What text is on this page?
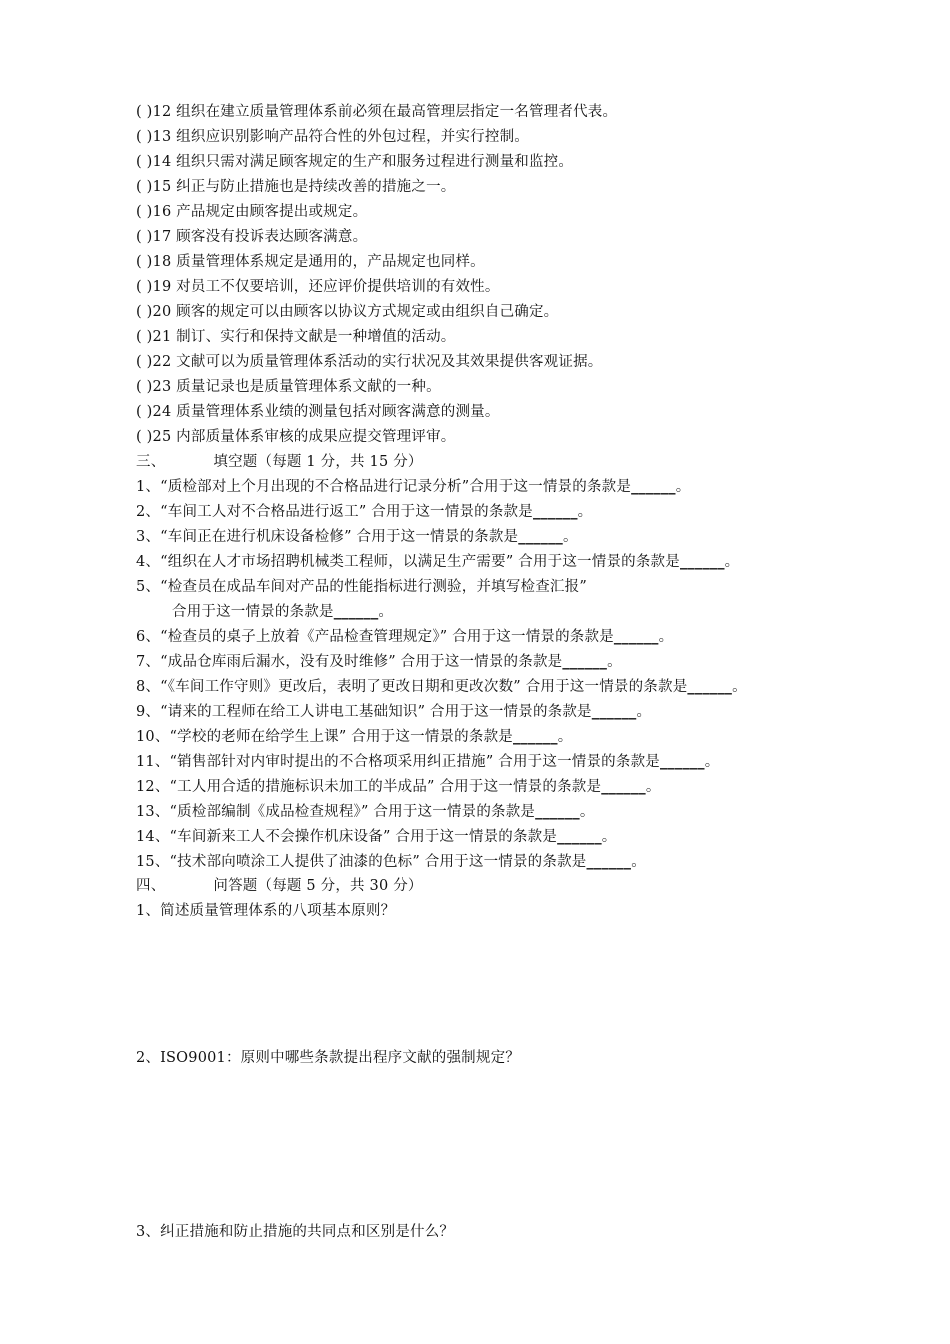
( )12 组织在建立质量管理体系前必须在最高管理层指定一名管理者代表。
( )13 组织应识别影响产品符合性的外包过程，并实行控制。
( )14 组织只需对满足顾客规定的生产和服务过程进行测量和监控。
( )15 纠正与防止措施也是持续改善的措施之一。
( )16 产品规定由顾客提出或规定。
( )17 顾客没有投诉表达顾客满意。
( )18 质量管理体系规定是通用的，产品规定也同样。
( )19 对员工不仅要培训，还应评价提供培训的有效性。
( )20 顾客的规定可以由顾客以协议方式规定或由组织自己确定。
( )21 制订、实行和保持文献是一种增值的活动。
( )22 文献可以为质量管理体系活动的实行状况及其效果提供客观证据。
( )23 质量记录也是质量管理体系文献的一种。
( )24 质量管理体系业绩的测量包括对顾客满意的测量。
( )25 内部质量体系审核的成果应提交管理评审。
三、	填空题（每题 1 分，共 15 分）
1、“质检部对上个月出现的不合格品进行记录分析”合用于这一情景的条款是______。
2、“车间工人对不合格品进行返工” 合用于这一情景的条款是______。
3、“车间正在进行机床设备检修” 合用于这一情景的条款是______。
4、“组织在人才市场招聘机械类工程师，以满足生产需要” 合用于这一情景的条款是______。
5、“检查员在成品车间对产品的性能指标进行测验，并填写检查汇报”
合用于这一情景的条款是______。
6、“检查员的桌子上放着《产品检查管理规定》” 合用于这一情景的条款是______。
7、“成品仓库雨后漏水，没有及时维修” 合用于这一情景的条款是______。
8、“《车间工作守则》更改后，表明了更改日期和更改次数” 合用于这一情景的条款是______。
9、“请来的工程师在给工人讲电工基础知识” 合用于这一情景的条款是______。
10、“学校的老师在给学生上课” 合用于这一情景的条款是______。
11、“销售部针对内审时提出的不合格项采用纠正措施” 合用于这一情景的条款是______。
12、“工人用合适的措施标识未加工的半成品” 合用于这一情景的条款是______。
13、“质检部编制《成品检查规程》” 合用于这一情景的条款是______。
14、“车间新来工人不会操作机床设备” 合用于这一情景的条款是______。
15、“技术部向喷涂工人提供了油漆的色标” 合用于这一情景的条款是______。
四、	问答题（每题 5 分，共 30 分）
1、简述质量管理体系的八项基本原则？
2、ISO9001：原则中哪些条款提出程序文献的强制规定？
3、纠正措施和防止措施的共同点和区别是什么？
